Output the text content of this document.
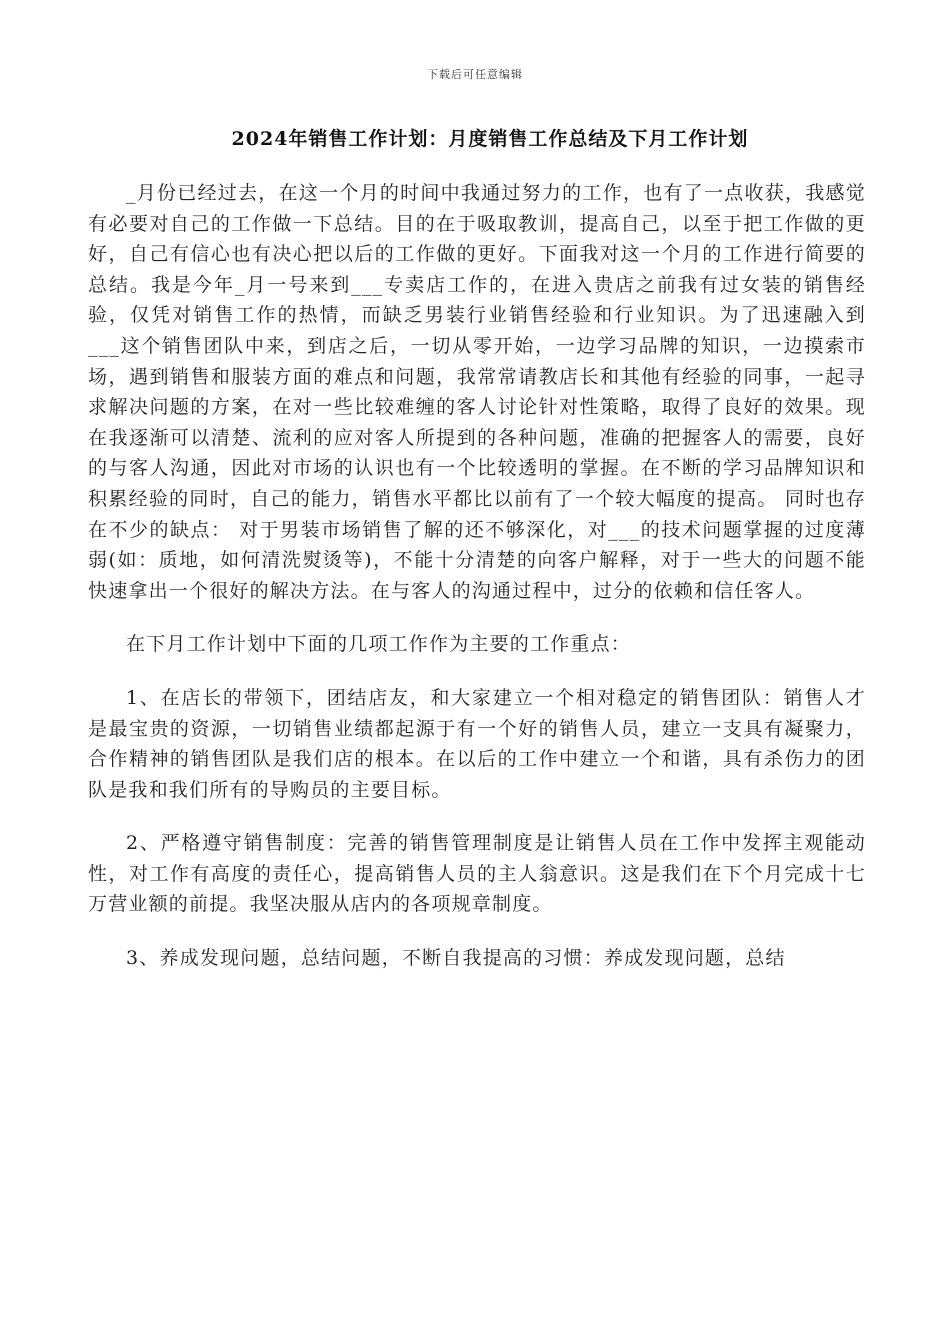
下载后可任意编辑
2024年销售工作计划：月度销售工作总结及下月工作计划

_月份已经过去，在这一个月的时间中我通过努力的工作，也有了一点收获，我感觉有必要对自己的工作做一下总结。目的在于吸取教训，提高自己，以至于把工作做的更好，自己有信心也有决心把以后的工作做的更好。下面我对这一个月的工作进行简要的总结。我是今年_月一号来到___专卖店工作的，在进入贵店之前我有过女装的销售经验，仅凭对销售工作的热情，而缺乏男装行业销售经验和行业知识。为了迅速融入到___这个销售团队中来，到店之后，一切从零开始，一边学习品牌的知识，一边摸索市场，遇到销售和服装方面的难点和问题，我常常请教店长和其他有经验的同事，一起寻求解决问题的方案，在对一些比较难缠的客人讨论针对性策略，取得了良好的效果。现在我逐渐可以清楚、流利的应对客人所提到的各种问题，准确的把握客人的需要，良好的与客人沟通，因此对市场的认识也有一个比较透明的掌握。在不断的学习品牌知识和积累经验的同时，自己的能力，销售水平都比以前有了一个较大幅度的提高。 同时也存在不少的缺点： 对于男装市场销售了解的还不够深化，对___的技术问题掌握的过度薄弱(如：质地，如何清洗熨烫等)，不能十分清楚的向客户解释，对于一些大的问题不能快速拿出一个很好的解决方法。在与客人的沟通过程中，过分的依赖和信任客人。

在下月工作计划中下面的几项工作作为主要的工作重点：

1、在店长的带领下，团结店友，和大家建立一个相对稳定的销售团队：销售人才是最宝贵的资源，一切销售业绩都起源于有一个好的销售人员，建立一支具有凝聚力，合作精神的销售团队是我们店的根本。在以后的工作中建立一个和谐，具有杀伤力的团队是我和我们所有的导购员的主要目标。

2、严格遵守销售制度：完善的销售管理制度是让销售人员在工作中发挥主观能动性，对工作有高度的责任心，提高销售人员的主人翁意识。这是我们在下个月完成十七万营业额的前提。我坚决服从店内的各项规章制度。

3、养成发现问题，总结问题，不断自我提高的习惯：养成发现问题，总结
